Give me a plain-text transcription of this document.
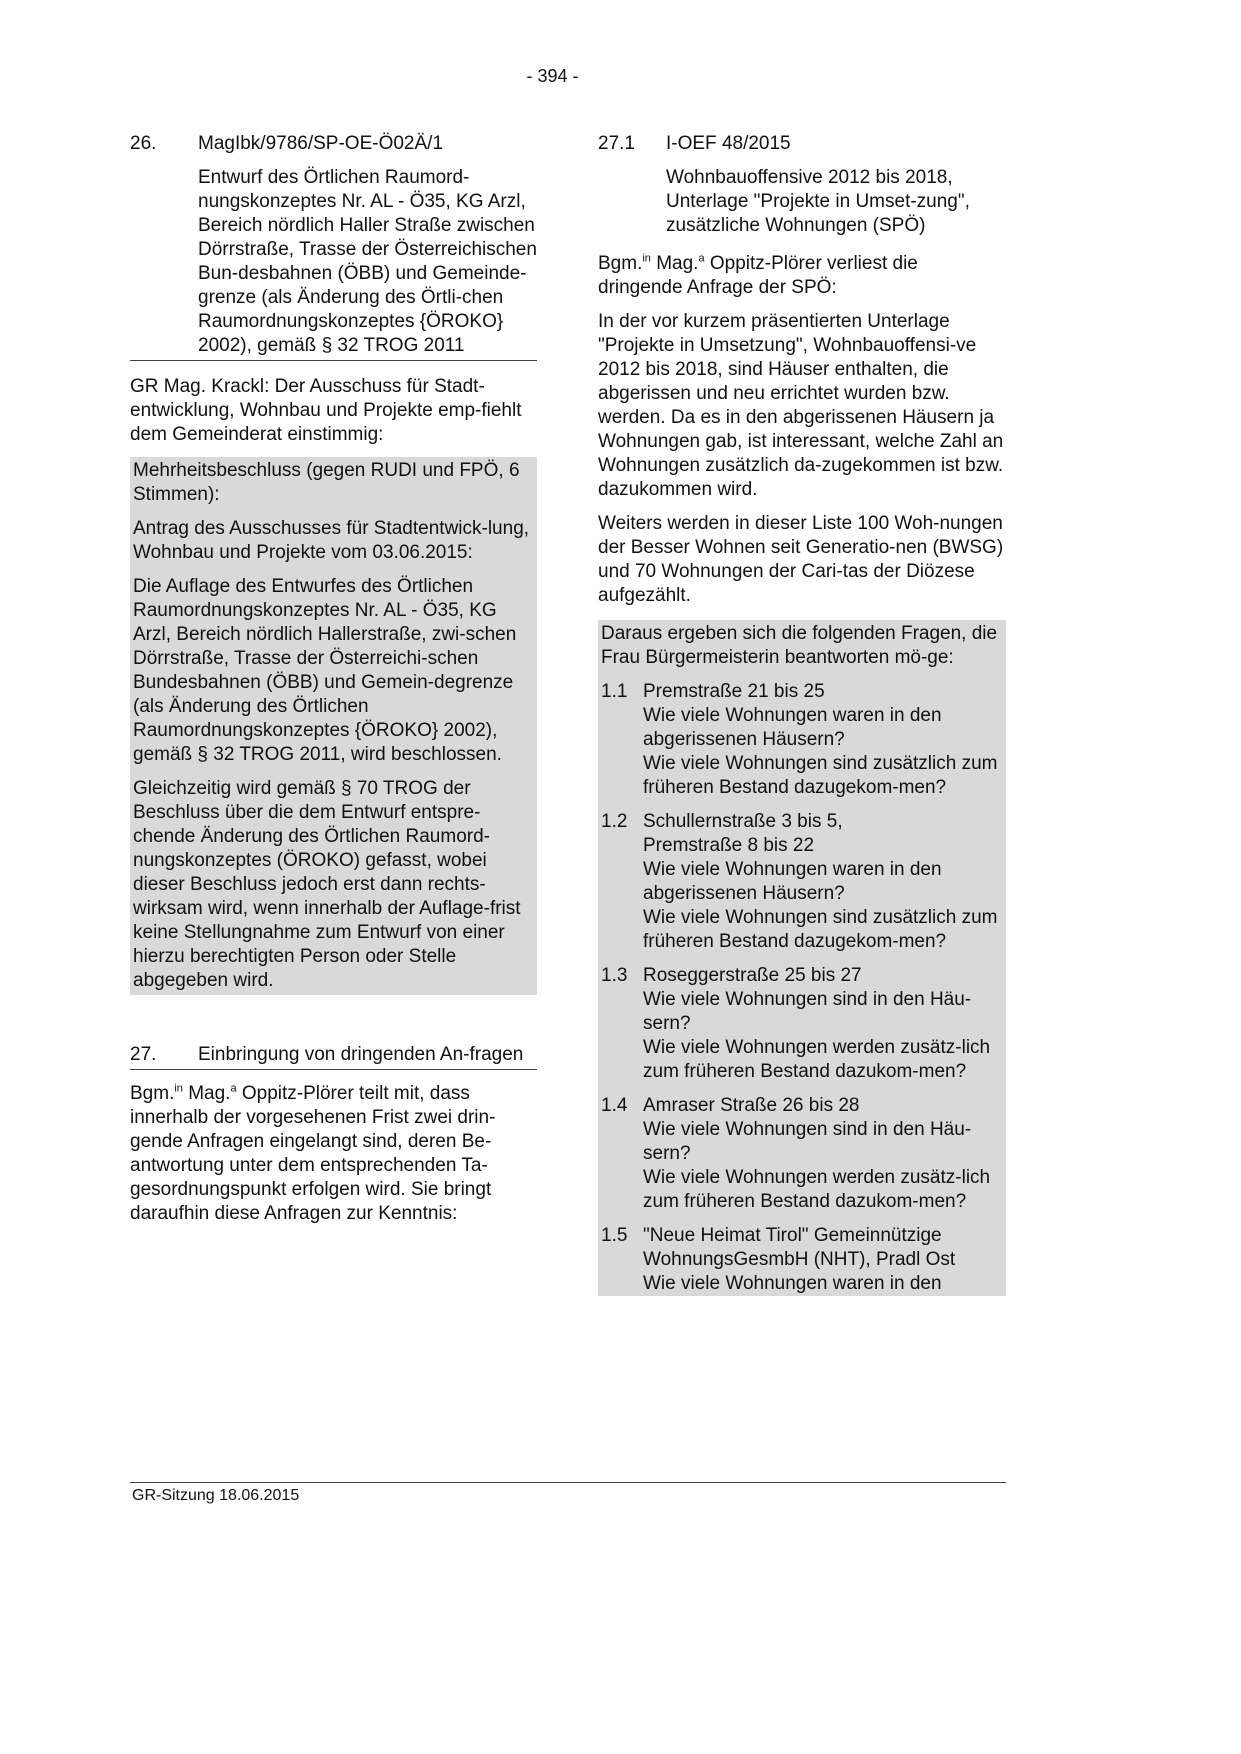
- 394 -
26.	MagIbk/9786/SP-OE-Ö02Ä/1
Entwurf des Örtlichen Raumord-nungskonzeptes Nr. AL - Ö35, KG Arzl, Bereich nördlich Haller Straße zwischen Dörrstraße, Trasse der Österreichischen Bun-desbahnen (ÖBB) und Gemeinde-grenze (als Änderung des Örtli-chen Raumordnungskonzeptes {ÖROKO} 2002), gemäß § 32 TROG 2011

GR Mag. Krackl: Der Ausschuss für Stadt-entwicklung, Wohnbau und Projekte emp-fiehlt dem Gemeinderat einstimmig:

Mehrheitsbeschluss (gegen RUDI und FPÖ, 6 Stimmen):

Antrag des Ausschusses für Stadtentwick-lung, Wohnbau und Projekte vom 03.06.2015:

Die Auflage des Entwurfes des Örtlichen Raumordnungskonzeptes Nr. AL - Ö35, KG Arzl, Bereich nördlich Hallerstraße, zwi-schen Dörrstraße, Trasse der Österreichi-schen Bundesbahnen (ÖBB) und Gemein-degrenze (als Änderung des Örtlichen Raumordnungskonzeptes {ÖROKO} 2002), gemäß § 32 TROG 2011, wird beschlossen.

Gleichzeitig wird gemäß § 70 TROG der Beschluss über die dem Entwurf entspre-chende Änderung des Örtlichen Raumord-nungskonzeptes (ÖROKO) gefasst, wobei dieser Beschluss jedoch erst dann rechts-wirksam wird, wenn innerhalb der Auflage-frist keine Stellungnahme zum Entwurf von einer hierzu berechtigten Person oder Stelle abgegeben wird.

27.	Einbringung von dringenden An-fragen

Bgm.$^{in}$ Mag.$^a$ Oppitz-Plörer teilt mit, dass innerhalb der vorgesehenen Frist zwei drin-gende Anfragen eingelangt sind, deren Be-antwortung unter dem entsprechenden Ta-gesordnungspunkt erfolgen wird. Sie bringt daraufhin diese Anfragen zur Kenntnis:

27.1	I-OEF 48/2015
Wohnbauoffensive 2012 bis 2018, Unterlage "Projekte in Umset-zung", zusätzliche Wohnungen (SPÖ)

Bgm.$^{in}$ Mag.$^a$ Oppitz-Plörer verliest die dringende Anfrage der SPÖ:

In der vor kurzem präsentierten Unterlage "Projekte in Umsetzung", Wohnbauoffensi-ve 2012 bis 2018, sind Häuser enthalten, die abgerissen und neu errichtet wurden bzw. werden. Da es in den abgerissenen Häusern ja Wohnungen gab, ist interessant, welche Zahl an Wohnungen zusätzlich da-zugekommen ist bzw. dazukommen wird.

Weiters werden in dieser Liste 100 Woh-nungen der Besser Wohnen seit Generatio-nen (BWSG) und 70 Wohnungen der Cari-tas der Diözese aufgezählt.

Daraus ergeben sich die folgenden Fragen, die Frau Bürgermeisterin beantworten mö-ge:

1.1 Premstraße 21 bis 25
Wie viele Wohnungen waren in den abgerissenen Häusern?
Wie viele Wohnungen sind zusätzlich zum früheren Bestand dazugekom-men?
1.2 Schullernstraße 3 bis 5,
Premstraße 8 bis 22
Wie viele Wohnungen waren in den abgerissenen Häusern?
Wie viele Wohnungen sind zusätzlich zum früheren Bestand dazugekom-men?
1.3 Roseggerstraße 25 bis 27
Wie viele Wohnungen sind in den Häu-sern?
Wie viele Wohnungen werden zusätz-lich zum früheren Bestand dazukom-men?
1.4 Amraser Straße 26 bis 28
Wie viele Wohnungen sind in den Häu-sern?
Wie viele Wohnungen werden zusätz-lich zum früheren Bestand dazukom-men?
1.5 "Neue Heimat Tirol" Gemeinnützige WohnungsGesmbH (NHT), Pradl Ost
Wie viele Wohnungen waren in den
GR-Sitzung 18.06.2015
